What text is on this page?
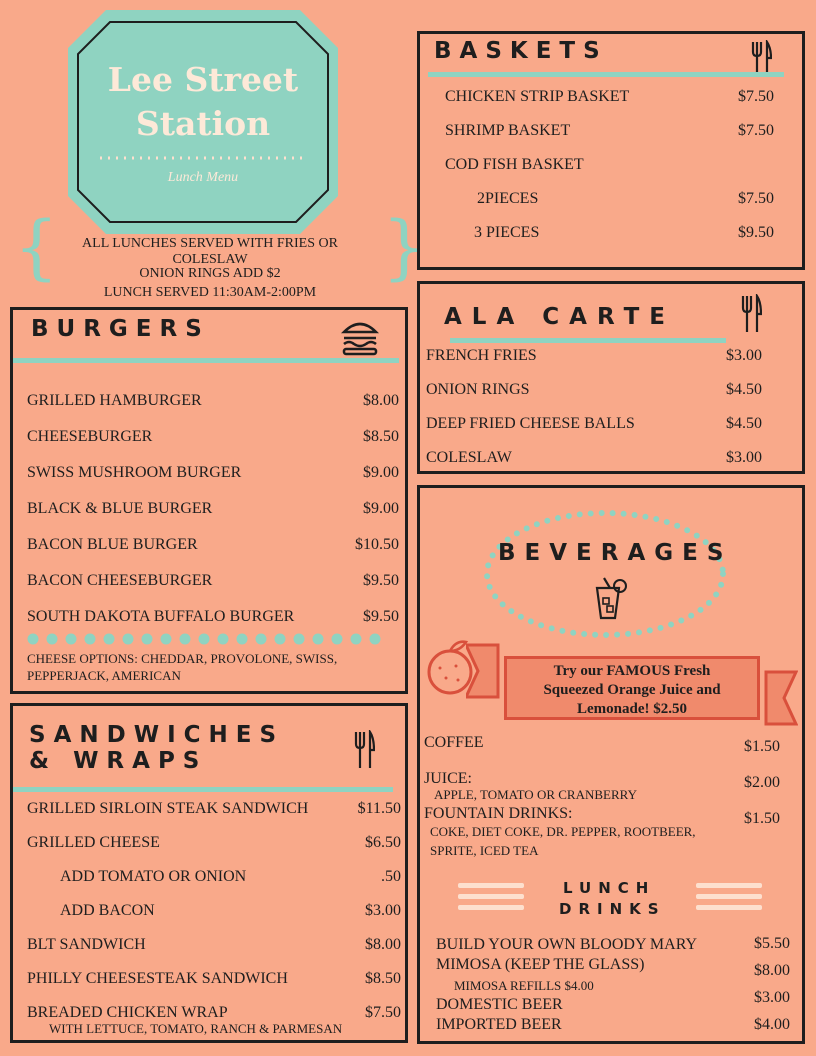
Lee Street
Station
Lunch Menu
{	}
ALL LUNCHES SERVED WITH FRIES OR
COLESLAW
ONION RINGS ADD $2
LUNCH SERVED 11:30AM-2:00PM
BURGERS
GRILLED HAMBURGER	$8.00
CHEESEBURGER	$8.50
SWISS MUSHROOM BURGER	$9.00
BLACK & BLUE BURGER	$9.00
BACON BLUE BURGER	$10.50
BACON CHEESEBURGER	$9.50
SOUTH DAKOTA BUFFALO BURGER	$9.50
CHEESE OPTIONS: CHEDDAR, PROVOLONE, SWISS,
PEPPERJACK, AMERICAN
SANDWICHES
& WRAPS
GRILLED SIRLOIN STEAK SANDWICH	$11.50
GRILLED CHEESE	$6.50
ADD TOMATO OR ONION	.50
ADD BACON	$3.00
BLT SANDWICH	$8.00
PHILLY CHEESESTEAK SANDWICH	$8.50
BREADED CHICKEN WRAP	$7.50
WITH LETTUCE, TOMATO, RANCH & PARMESAN
BASKETS
CHICKEN STRIP BASKET	$7.50
SHRIMP BASKET	$7.50
COD FISH BASKET
2PIECES	$7.50
3 PIECES	$9.50
ALA CARTE
FRENCH FRIES	$3.00
ONION RINGS	$4.50
DEEP FRIED CHEESE BALLS	$4.50
COLESLAW	$3.00
BEVERAGES
Try our FAMOUS Fresh
Squeezed Orange Juice and
Lemonade! $2.50
COFFEE	$1.50
JUICE:	$2.00
APPLE, TOMATO OR CRANBERRY
FOUNTAIN DRINKS:	$1.50
COKE, DIET COKE, DR. PEPPER, ROOTBEER,
SPRITE, ICED TEA
LUNCH
DRINKS
BUILD YOUR OWN BLOODY MARY	$5.50
MIMOSA (KEEP THE GLASS)	$8.00
MIMOSA REFILLS $4.00
DOMESTIC BEER	$3.00
IMPORTED BEER	$4.00
